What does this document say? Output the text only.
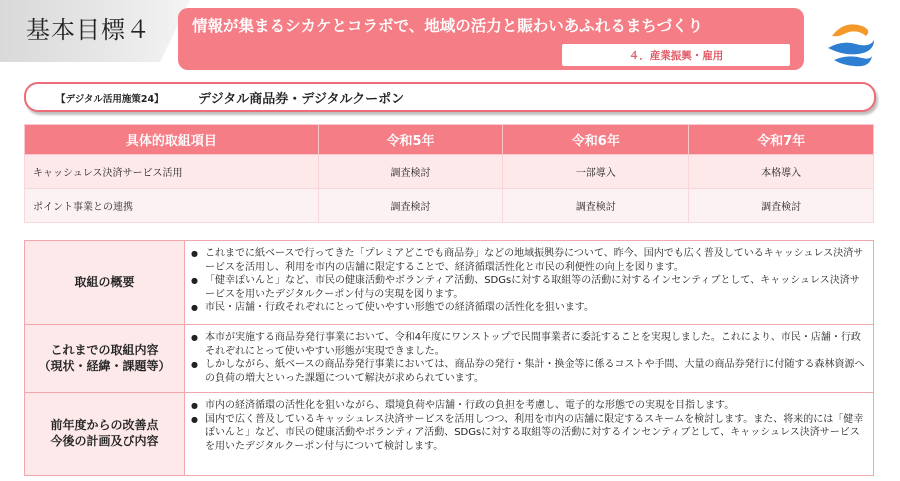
基本目標４	情報が集まるシカケとコラボで、地域の活力と賑わいあふれるまちづくり
４．産業振興・雇用
【デジタル活用施策24】	デジタル商品券・デジタルクーポン
具体的取組項目	令和5年	令和6年	令和7年
キャッシュレス決済サービス活用	調査検討	一部導入	本格導入
ポイント事業との連携	調査検討	調査検討	調査検討
取組の概要
● これまでに紙ベースで行ってきた「プレミアどこでも商品券」などの地域振興券について、昨今、国内でも広く普及しているキャッシュレス決済サービスを活用し、利用を市内の店舗に限定することで、経済循環活性化と市民の利便性の向上を図ります。
● 「健幸ぽいんと」など、市民の健康活動やボランティア活動、SDGsに対する取組等の活動に対するインセンティブとして、キャッシュレス決済サービスを用いたデジタルクーポン付与の実現を図ります。
● 市民・店舗・行政それぞれにとって使いやすい形態での経済循環の活性化を狙います。
これまでの取組内容
（現状・経緯・課題等）
● 本市が実施する商品券発行事業において、令和4年度にワンストップで民間事業者に委託することを実現しました。これにより、市民・店舗・行政それぞれにとって使いやすい形態が実現できました。
● しかしながら、紙ベースの商品券発行事業においては、商品券の発行・集計・換金等に係るコストや手間、大量の商品券発行に付随する森林資源への負荷の増大といった課題について解決が求められています。
前年度からの改善点
今後の計画及び内容
● 市内の経済循環の活性化を狙いながら、環境負荷や店舗・行政の負担を考慮し、電子的な形態での実現を目指します。
● 国内で広く普及しているキャッシュレス決済サービスを活用しつつ、利用を市内の店舗に限定するスキームを検討します。また、将来的には「健幸ぽいんと」など、市民の健康活動やボランティア活動、SDGsに対する取組等の活動に対するインセンティブとして、キャッシュレス決済サービスを用いたデジタルクーポン付与について検討します。
